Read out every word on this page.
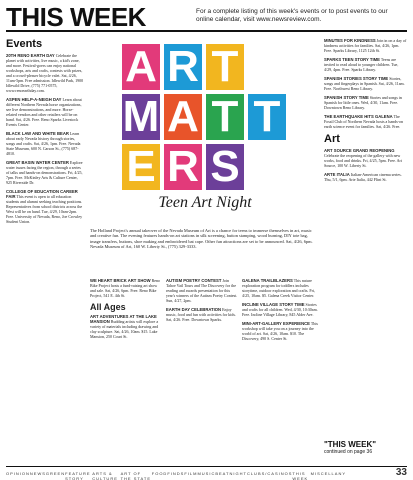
THIS WEEK	For a complete listing of this week's events or to post events to our online calendar, visit www.newsreview.com.
Events
20TH RENO EARTH DAY Celebrate the planet with activities, live music, a kid's zone, and more. Festival-goers can enjoy national workshops, arts and crafts, contests with prizes, and a crowd-pleaser bicycle valet. Sat, 4/26, 11am-5pm. Free admission. Idlewild Park, 1900 Idlewild Drive, (775) 771-0575, www.renoearthday.com.
ASPEN HELP-A-NEIGH DAY Learn about different Northern Nevada horse organizations, see live demonstrations, and more. Horse-related vendors and other retailers will be on hand. Sat, 4/26. Free. Reno Sparks Livestock Events Center.
BLACK LAW AND WHITE BEAR Learn about early Nevada history through stories, songs and crafts. Sat, 4/26, 1pm. Free. Nevada State Museum, 600 N. Carson St., (775) 687-4810.
GREAT BASIN WATER CENTER Explore water issues facing the region, through a series of talks and hands-on demonstrations. Fri, 4/25, 7pm. Free. McKinley Arts & Culture Center, 925 Riverside Dr.
COLLEGE OF EDUCATION CAREER FAIR This event is open to all education students and alumni seeking teaching positions. Representatives from school districts across the West will be on hand. Tue, 4/29, 10am-2pm. Free. University of Nevada, Reno, Joe Crowley Student Union.
A R T
M A T T
E R S
Teen Art Night
The Holland Project's annual takeover of the Nevada Museum of Art is a chance for teens to immerse themselves in art, music and creative fun. The evening features hands-on art stations in silk screening, button stamping, wood burning, DIY tote bag, image transfers, buttons, shoe making and embroidered bat cape. Other fun attractions are set to be announced. Sat, 4/26, 6pm. Nevada Museum of Art, 160 W. Liberty St., (775) 329-3333.
WE HEART BRICK ART SHOW Reno Bike Project hosts a fund-raising art show and sale. Sat, 4/26, 6pm. Free. Reno Bike Project, 541 E. 4th St.
All Ages
ART ADVENTURES AT THE LAKE MANSION Budding artists will explore a variety of materials including drawing and clay sculpture. Sat, 4/26, 10am. $15. Lake Mansion, 250 Court St.
AUTISM POETRY CONTEST Join Tahoe Vail Tours and The Discovery for the reading and awards presentation for this year's winners of the Autism Poetry Contest. Sun, 4/27, 2pm.
EARTH DAY CELEBRATION Enjoy music, food and fun with activities for kids. Sat, 4/26. Free. Downtown Sparks.
GALENA TRAILBLAZERS This nature exploration program for toddlers includes storytime, outdoor exploration and crafts. Fri, 4/25, 10am. $5. Galena Creek Visitor Center.
INCLINE VILLAGE STORY TIME Stories and crafts for all children. Wed, 4/30, 10:30am. Free. Incline Village Library, 845 Alder Ave.
MINI-ART-GALLERY EXPERIENCE This workshop will take you on a journey into the world of art. Sat, 4/26, 10am. $10. The Discovery, 490 S. Center St.
MINUTES FOR KINDNESS Join in on a day of kindness activities for families. Sat, 4/26, 1pm. Free. Sparks Library, 1125 12th St.
SPARKS TEEN STORY TIME Teens are invited to read aloud to younger children. Tue, 4/29, 4pm. Free. Sparks Library.
SPANISH STORIES STORY TIME Stories, songs and fingerplays in Spanish. Sat, 4/26, 11am. Free. Northwest Reno Library.
SPANISH STORY TIME Stories and songs in Spanish for little ones. Wed, 4/30, 11am. Free. Downtown Reno Library.
THE EARTHQUAKE HITS GALENA The Fossil Club of Northern Nevada hosts a hands-on earth science event for families. Sat, 4/26. Free.
Art
ART SOURCE GRAND REOPENING Celebrate the reopening of the gallery with new works, food and drinks. Fri, 4/25, 5pm. Free. Art Source, 100 W. Liberty St.
ARTE ITALIA Italian-American cinema series. Thu, 5/1, 6pm. Arte Italia, 442 Flint St.
"THIS WEEK"
continued on page 36
OPINION NEWS GREEN FEATURE STORY
ARTS & CULTURE
ART OF THE STATE
FOODFINDS FILM MUSICBEAT NIGHTCLUBS/CASINOS THIS WEEK
MISCELLANY	33
